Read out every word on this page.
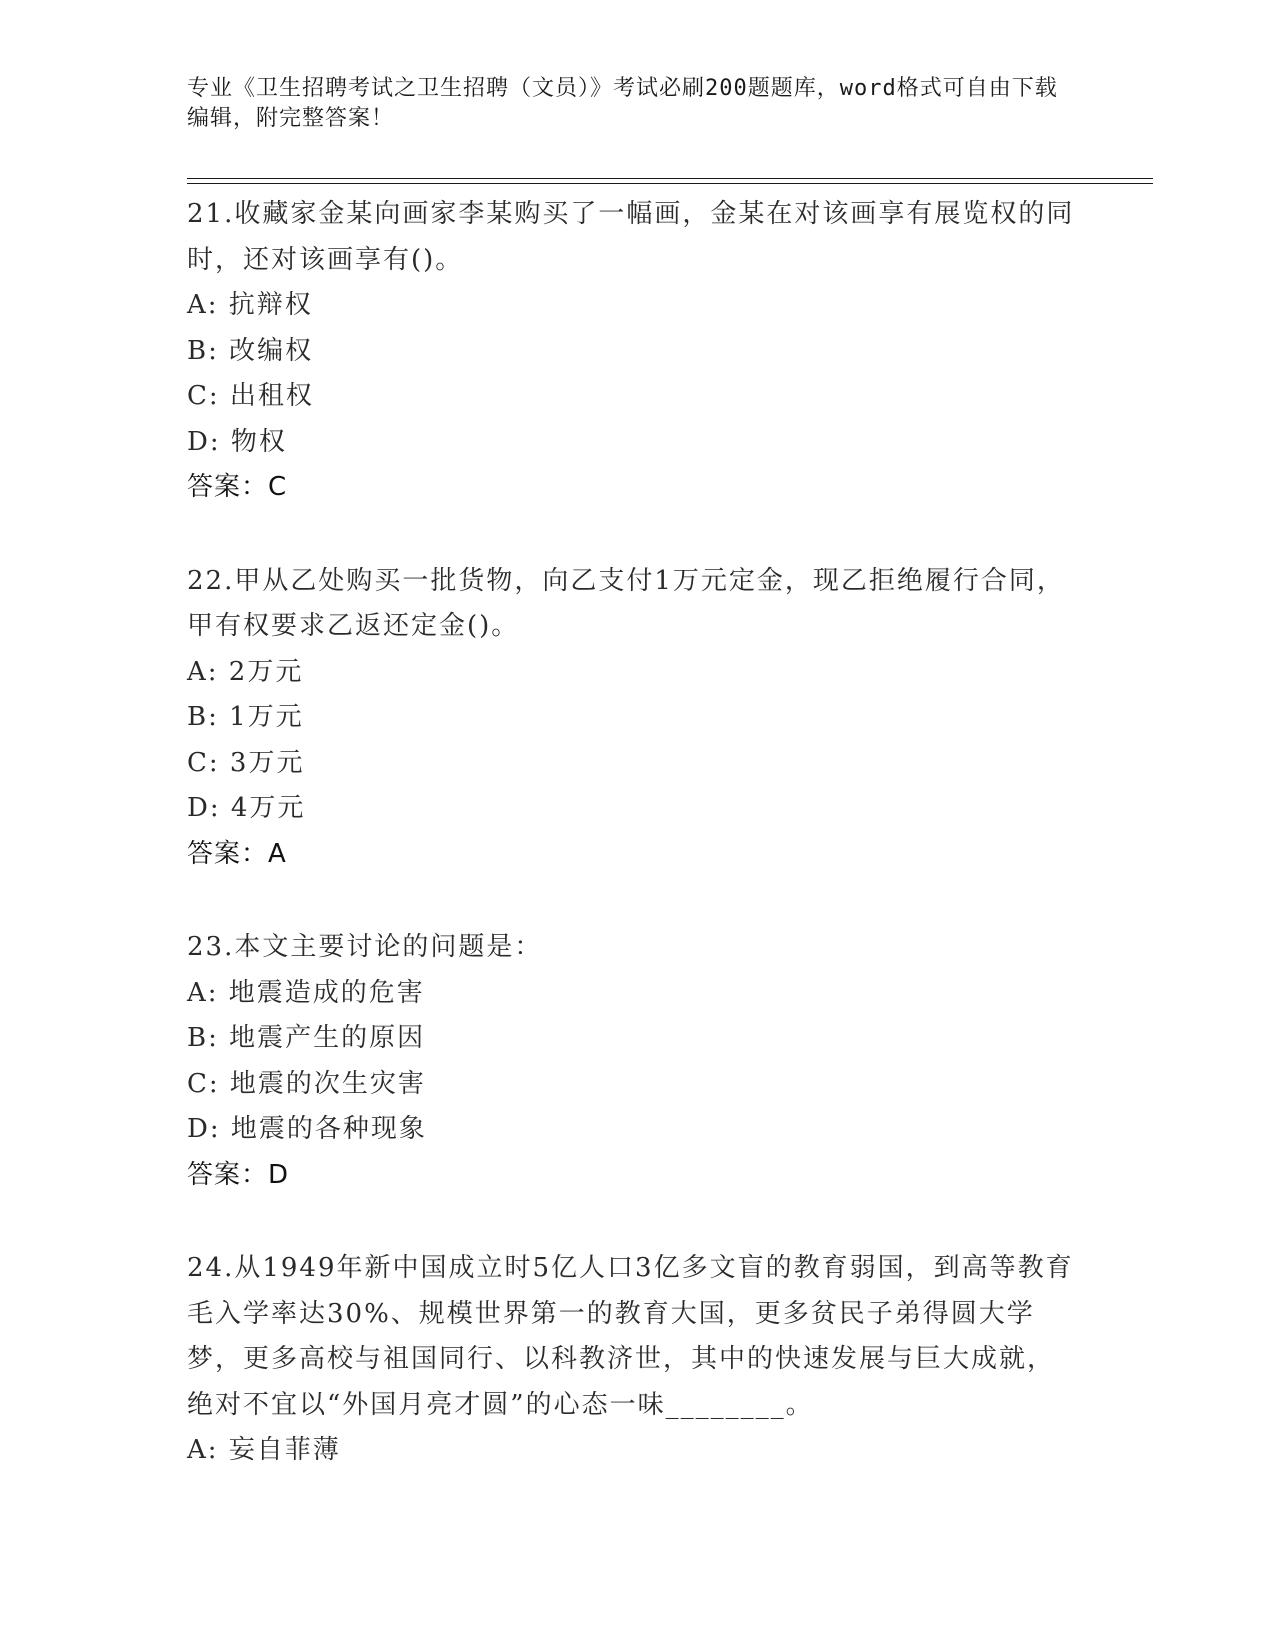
专业《卫生招聘考试之卫生招聘（文员）》考试必刷200题题库，word格式可自由下载编辑，附完整答案！

21.收藏家金某向画家李某购买了一幅画，金某在对该画享有展览权的同时，还对该画享有()。

A: 抗辩权

B: 改编权

C: 出租权

D: 物权

答案：C

22.甲从乙处购买一批货物，向乙支付1万元定金，现乙拒绝履行合同，甲有权要求乙返还定金()。

A: 2万元

B: 1万元

C: 3万元

D: 4万元

答案：A

23.本文主要讨论的问题是：

A: 地震造成的危害

B: 地震产生的原因

C: 地震的次生灾害

D: 地震的各种现象

答案：D

24.从1949年新中国成立时5亿人口3亿多文盲的教育弱国，到高等教育毛入学率达30%、规模世界第一的教育大国，更多贫民子弟得圆大学梦，更多高校与祖国同行、以科教济世，其中的快速发展与巨大成就，绝对不宜以“外国月亮才圆”的心态一味________。

A: 妄自菲薄
